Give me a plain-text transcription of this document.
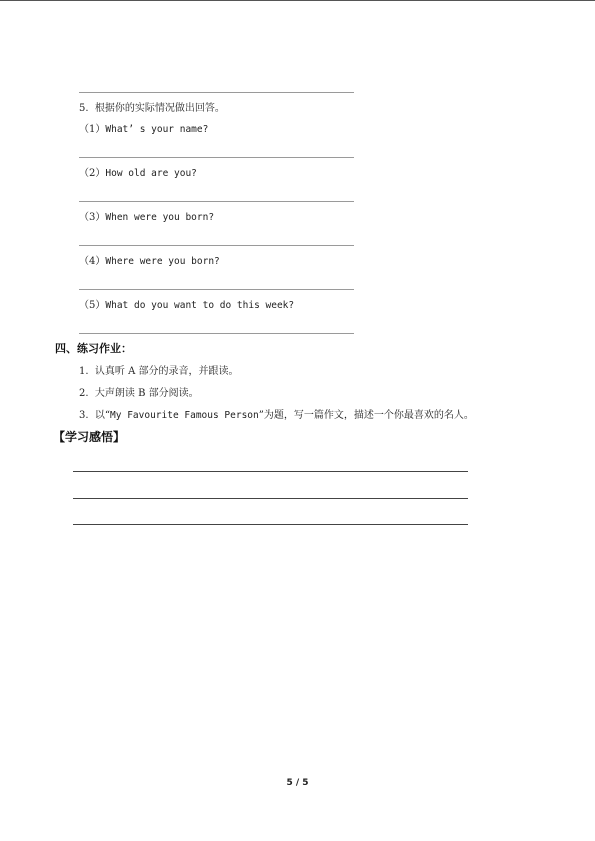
5. 根据你的实际情况做出回答。
（1）What’ s your name?
（2）How old are you?
（3）When were you born?
（4）Where were you born?
（5）What do you want to do this week?
四、练习作业：
1. 认真听 A 部分的录音，并跟读。
2. 大声朗读 B 部分阅读。
3. 以“My Favourite Famous Person”为题，写一篇作文，描述一个你最喜欢的名人。
【学习感悟】
5 / 5
